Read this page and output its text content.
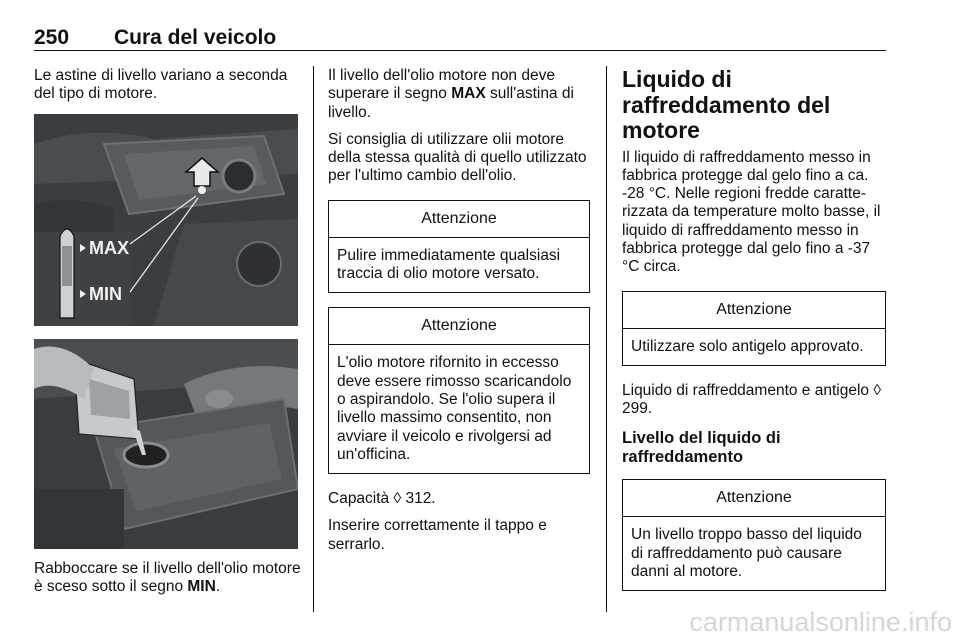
250 Cura del veicolo

Le astine di livello variano a seconda del tipo di motore.

MAX
MIN

Rabboccare se il livello dell'olio motore è sceso sotto il segno MIN.

Il livello dell'olio motore non deve superare il segno MAX sull'astina di livello.

Si consiglia di utilizzare olii motore della stessa qualità di quello utilizzato per l'ultimo cambio dell'olio.

Attenzione
Pulire immediatamente qualsiasi traccia di olio motore versato.
Attenzione
L'olio motore rifornito in eccesso deve essere rimosso scaricandolo o aspirandolo. Se l'olio supera il livello massimo consentito, non avviare il veicolo e rivolgersi ad un'officina.

Capacità ◊ 312.

Inserire correttamente il tappo e serrarlo.

Liquido di raffreddamento del motore

Il liquido di raffreddamento messo in fabbrica protegge dal gelo fino a ca. -28 °C. Nelle regioni fredde caratterizzata da temperature molto basse, il liquido di raffreddamento messo in fabbrica protegge dal gelo fino a -37 °C circa.

Attenzione
Utilizzare solo antigelo approvato.

Liquido di raffreddamento e antigelo ◊ 299.

Livello del liquido di raffreddamento
Attenzione
Un livello troppo basso del liquido di raffreddamento può causare danni al motore.
carmanualsonline.info
